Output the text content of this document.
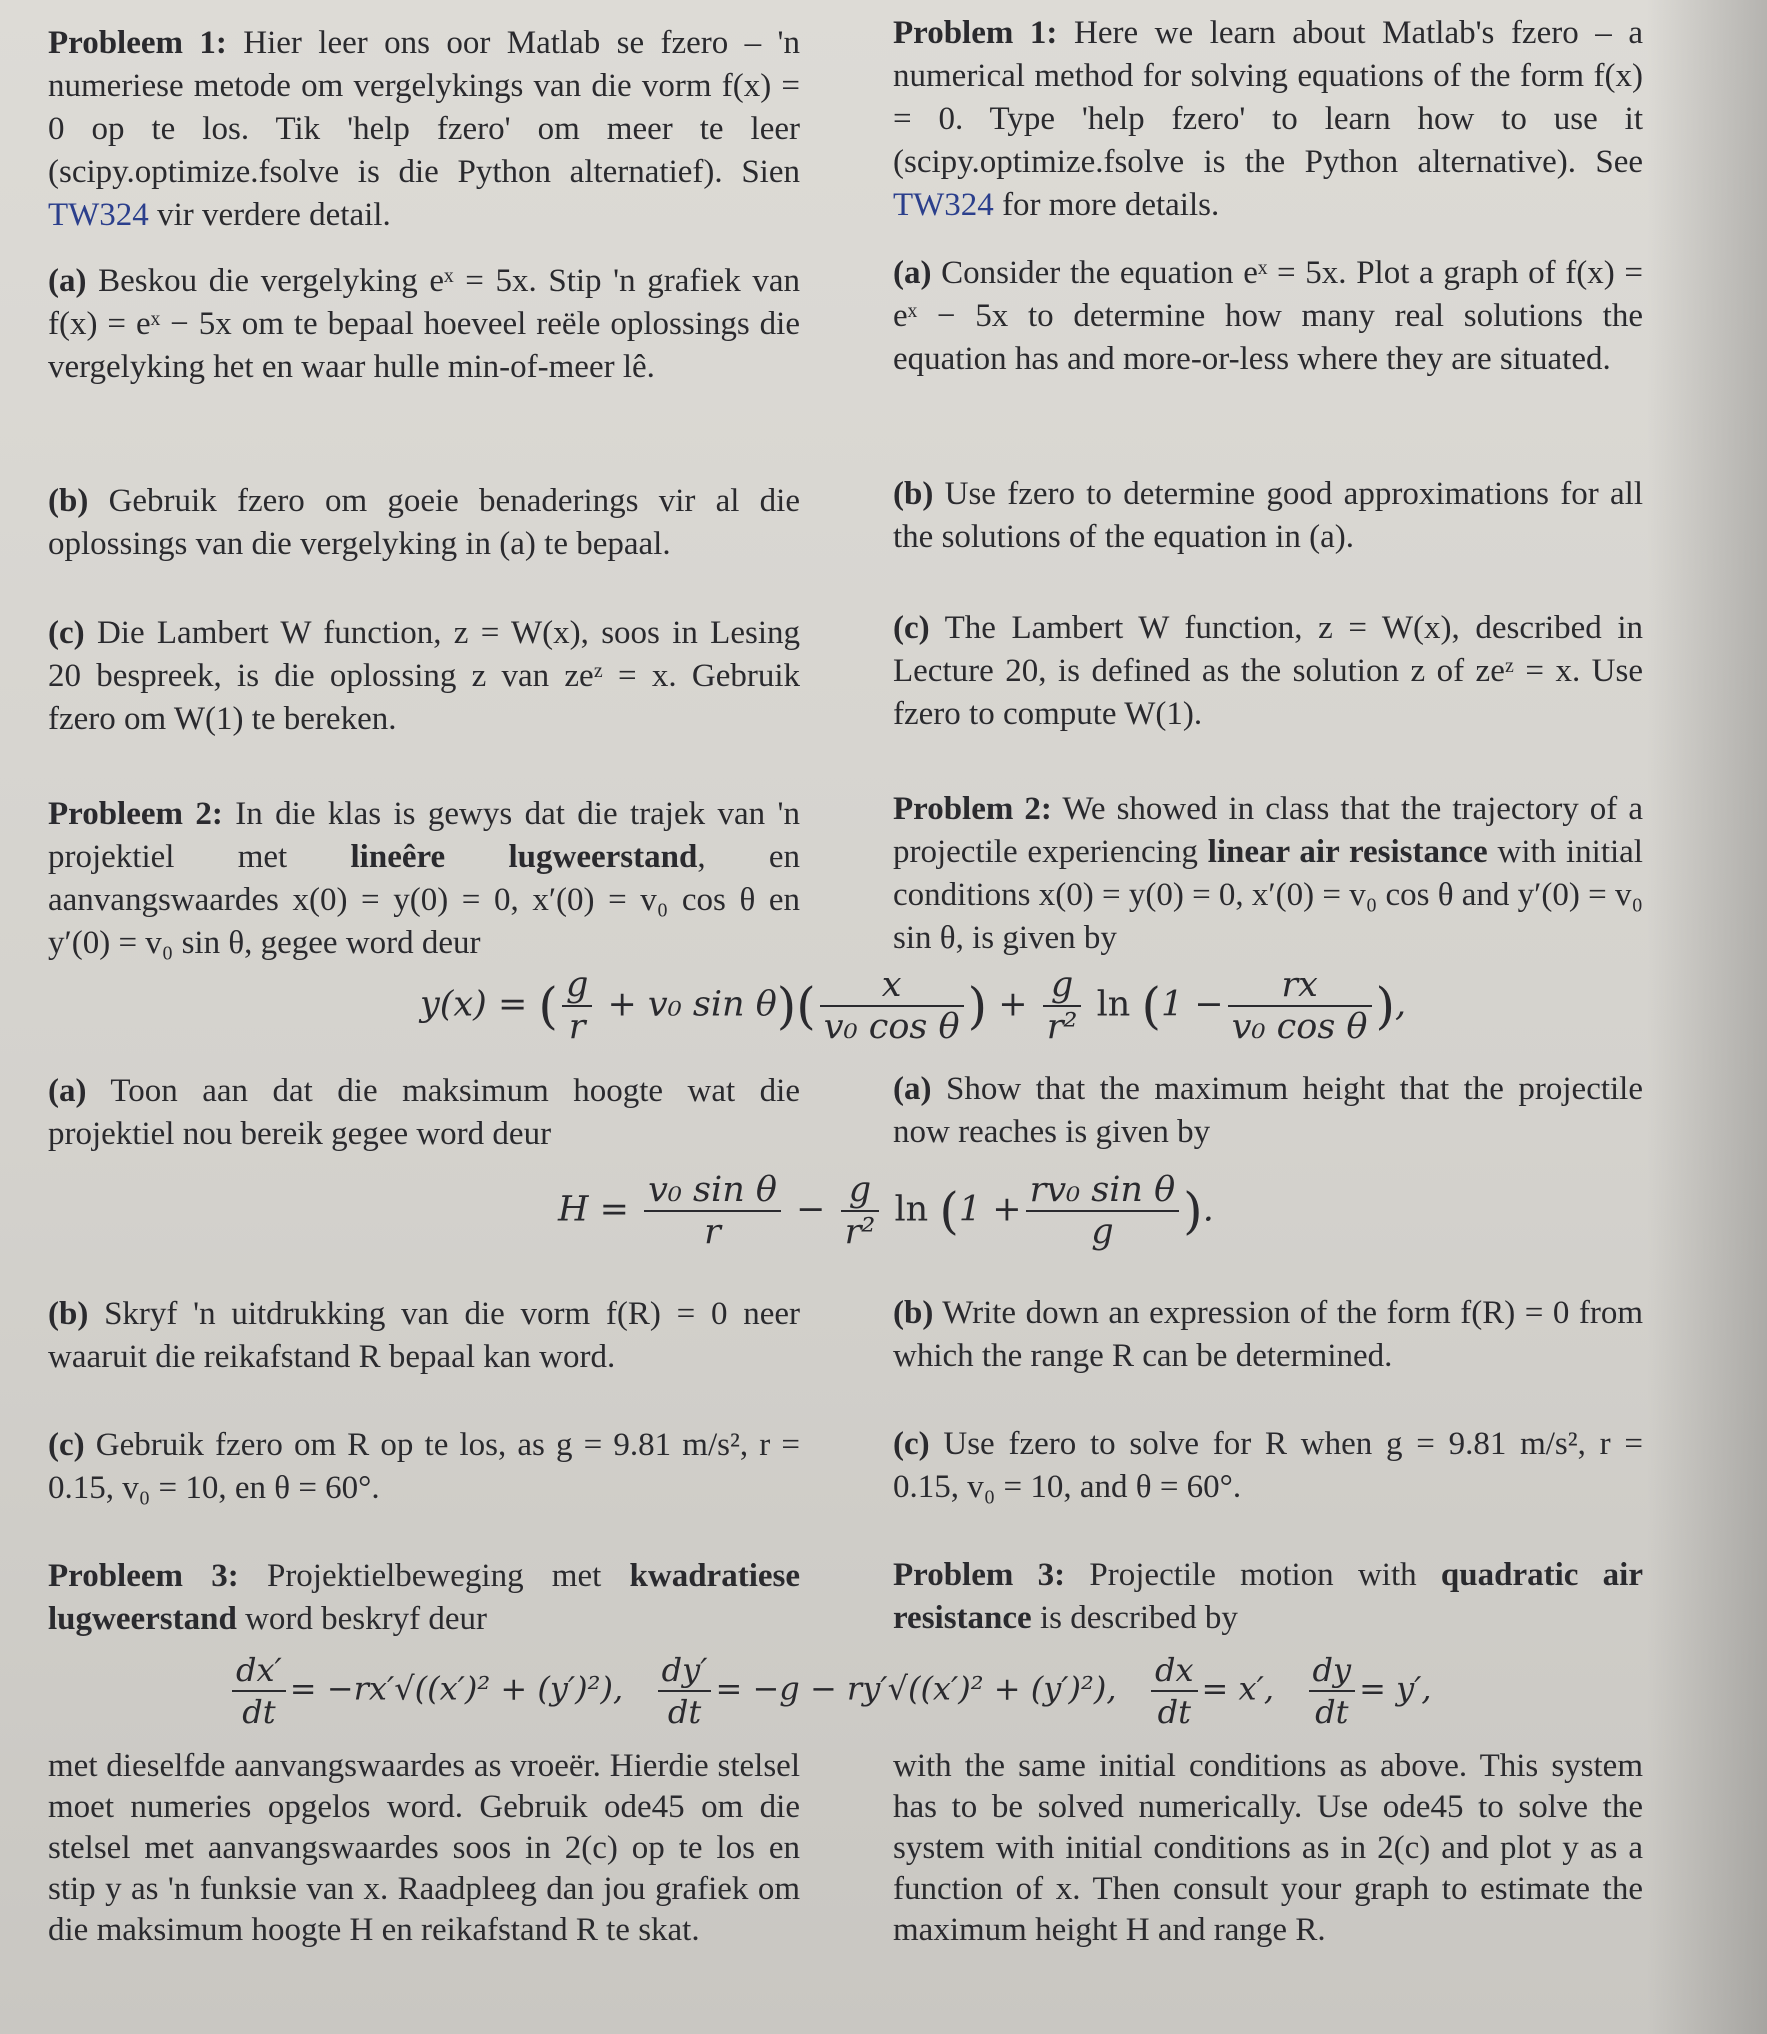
Probleem 1: Hier leer ons oor Matlab se fzero – 'n numeriese metode om vergelykings van die vorm f(x) = 0 op te los. Tik 'help fzero' om meer te leer (scipy.optimize.fsolve is die Python alternatief). Sien TW324 vir verdere detail.
(a) Beskou die vergelyking eˣ = 5x. Stip 'n grafiek van f(x) = eˣ − 5x om te bepaal hoeveel reële oplossings die vergelyking het en waar hulle min-of-meer lê.
(b) Gebruik fzero om goeie benaderings vir al die oplossings van die vergelyking in (a) te bepaal.
(c) Die Lambert W function, z = W(x), soos in Lesing 20 bespreek, is die oplossing z van zeᶻ = x. Gebruik fzero om W(1) te bereken.
Probleem 2: In die klas is gewys dat die trajek van 'n projektiel met lineêre lugweerstand, en aanvangswaardes x(0) = y(0) = 0, x′(0) = v₀ cos θ en y′(0) = v₀ sin θ, gegee word deur
(a) Toon aan dat die maksimum hoogte wat die projektiel nou bereik gegee word deur
(b) Skryf 'n uitdrukking van die vorm f(R) = 0 neer waaruit die reikafstand R bepaal kan word.
(c) Gebruik fzero om R op te los, as g = 9.81 m/s², r = 0.15, v₀ = 10, en θ = 60°.
Probleem 3: Projektielbeweging met kwadratiese lugweerstand word beskryf deur
met dieselfde aanvangswaardes as vroeër. Hierdie stelsel moet numeries opgelos word. Gebruik ode45 om die stelsel met aanvangswaardes soos in 2(c) op te los en stip y as 'n funksie van x. Raadpleeg dan jou grafiek om die maksimum hoogte H en reikafstand R te skat.
Problem 1: Here we learn about Matlab's fzero – a numerical method for solving equations of the form f(x) = 0. Type 'help fzero' to learn how to use it (scipy.optimize.fsolve is the Python alternative). See TW324 for more details.
(a) Consider the equation eˣ = 5x. Plot a graph of f(x) = eˣ − 5x to determine how many real solutions the equation has and more-or-less where they are situated.
(b) Use fzero to determine good approximations for all the solutions of the equation in (a).
(c) The Lambert W function, z = W(x), described in Lecture 20, is defined as the solution z of zeᶻ = x. Use fzero to compute W(1).
Problem 2: We showed in class that the trajectory of a projectile experiencing linear air resistance with initial conditions x(0) = y(0) = 0, x′(0) = v₀ cos θ and y′(0) = v₀ sin θ, is given by
(a) Show that the maximum height that the projectile now reaches is given by
(b) Write down an expression of the form f(R) = 0 from which the range R can be determined.
(c) Use fzero to solve for R when g = 9.81 m/s², r = 0.15, v₀ = 10, and θ = 60°.
Problem 3: Projectile motion with quadratic air resistance is described by
with the same initial conditions as above. This system has to be solved numerically. Use ode45 to solve the system with initial conditions as in 2(c) and plot y as a function of x. Then consult your graph to estimate the maximum height H and range R.
y(x) = ( $\frac{g}{r} + v_0$ $\sin \theta)( \frac{x}{\text{v₀ cos θ}}$ ) + $\frac{g}{\text{r²}}$ $\ln (1 - \frac{rx}{\text{v₀ cos θ}}$ ),
$H = \frac{\text{v₀ sin θ}}{r} - \frac{g}{\text{r²}}$ $\ln (1 + \frac{\text{rv₀ sin θ}}{g}$ ).
$\frac{dx'}{dt} = -rx'√((x')^2 + (y')^2)$, $\frac{dy'}{dt} = -g - ry'√((x')^2 + (y')^2)$, $\frac{dx}{dt} = x'$, $\frac{dy}{dt} = y'$,
